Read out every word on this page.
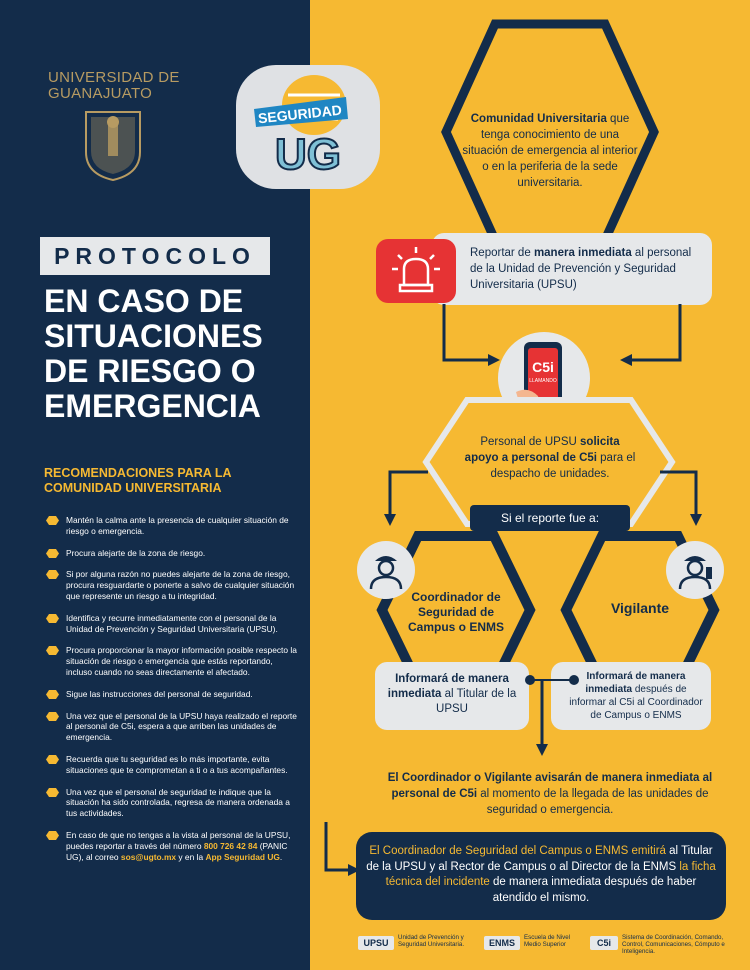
UNIVERSIDAD DE GUANAJUATO
PROTOCOLO
EN CASO DE SITUACIONES DE RIESGO O EMERGENCIA
RECOMENDACIONES PARA LA COMUNIDAD UNIVERSITARIA
Mantén la calma ante la presencia de cualquier situación de riesgo o emergencia.
Procura alejarte de la zona de riesgo.
Si por alguna razón no puedes alejarte de la zona de riesgo, procura resguardarte o ponerte a salvo de cualquier situación que represente un riesgo a tu integridad.
Identifica y recurre inmediatamente con el personal de la Unidad de Prevención y Seguridad Universitaria (UPSU).
Procura proporcionar la mayor información posible respecto la situación de riesgo o emergencia que estás reportando, incluso cuando no seas directamente el afectado.
Sigue las instrucciones del personal de seguridad.
Una vez que el personal de la UPSU haya realizado el reporte al personal de C5i, espera a que arriben las unidades de emergencia.
Recuerda que tu seguridad es lo más importante, evita situaciones que te comprometan a ti o a tus acompañantes.
Una vez que el personal de seguridad te indique que la situación ha sido controlada, regresa de manera ordenada a tus actividades.
En caso de que no tengas a la vista al personal de la UPSU, puedes reportar a través del número 800 726 42 84 (PANIC UG), al correo sos@ugto.mx y en la App Seguridad UG.
SEGURIDAD
UG
Comunidad Universitaria que tenga conocimiento de una situación de emergencia al interior o en la periferia de la sede universitaria.
Reportar de manera inmediata al personal de la Unidad de Prevención y Seguridad Universitaria (UPSU)
C5i
LLAMANDO
Personal de UPSU solicita apoyo a personal de C5i para el despacho de unidades.
Si el reporte fue a:
Coordinador de Seguridad de Campus o ENMS
Vigilante
Informará de manera inmediata al Titular de la UPSU
Informará de manera inmediata después de informar al C5i al Coordinador de Campus o ENMS
El Coordinador o Vigilante avisarán de manera inmediata al personal de C5i al momento de la llegada de las unidades de seguridad o emergencia.
El Coordinador de Seguridad del Campus o ENMS emitirá al Titular de la UPSU y al Rector de Campus o al Director de la ENMS la ficha técnica del incidente de manera inmediata después de haber atendido el mismo.
UPSU
Unidad de Prevención y Seguridad Universitaria.	ENMS
Escuela de Nivel Medio Superior	C5i
Sistema de Coordinación, Comando, Control, Comunicaciones, Cómputo e Inteligencia.
